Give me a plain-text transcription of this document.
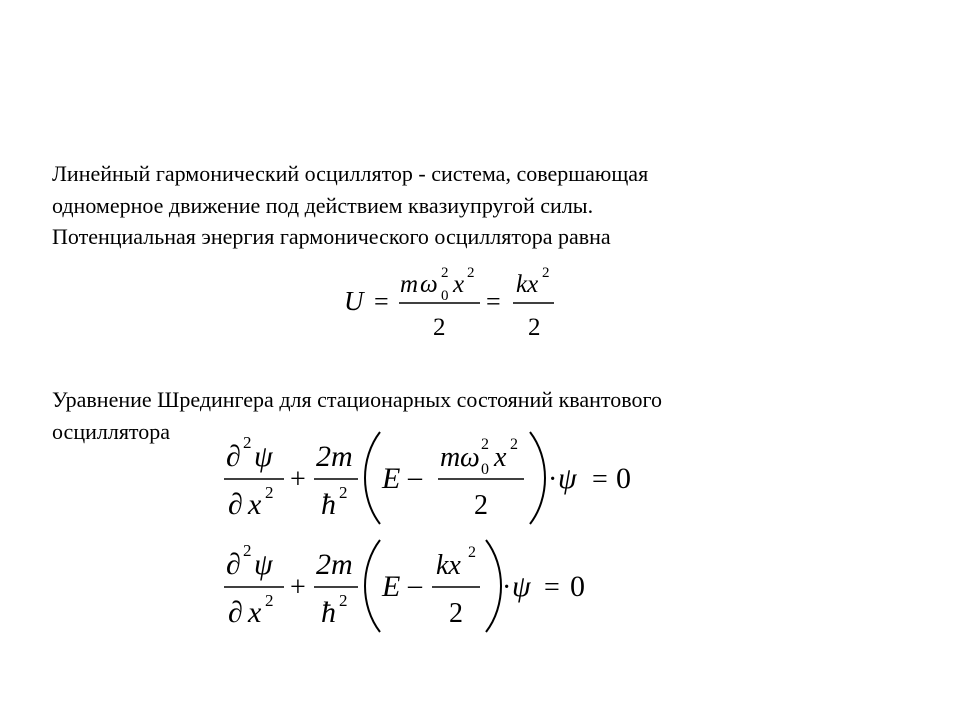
Линейный гармонический осциллятор - система, совершающая
одномерное движение под действием квазиупругой силы.
Потенциальная энергия гармонического осциллятора равна
U =
m ω 2
0 x 2
2
=
kx 2
2
Уравнение Шредингера для стационарных состояний квантового
осциллятора
∂ 2 ψ
∂ x 2 +
2m
ħ 2 E –
m ω 2
0 x 2
2
· ψ = 0
∂ 2 ψ
∂ x 2 +
2m
ħ 2 E –
kx 2
2
· ψ = 0
